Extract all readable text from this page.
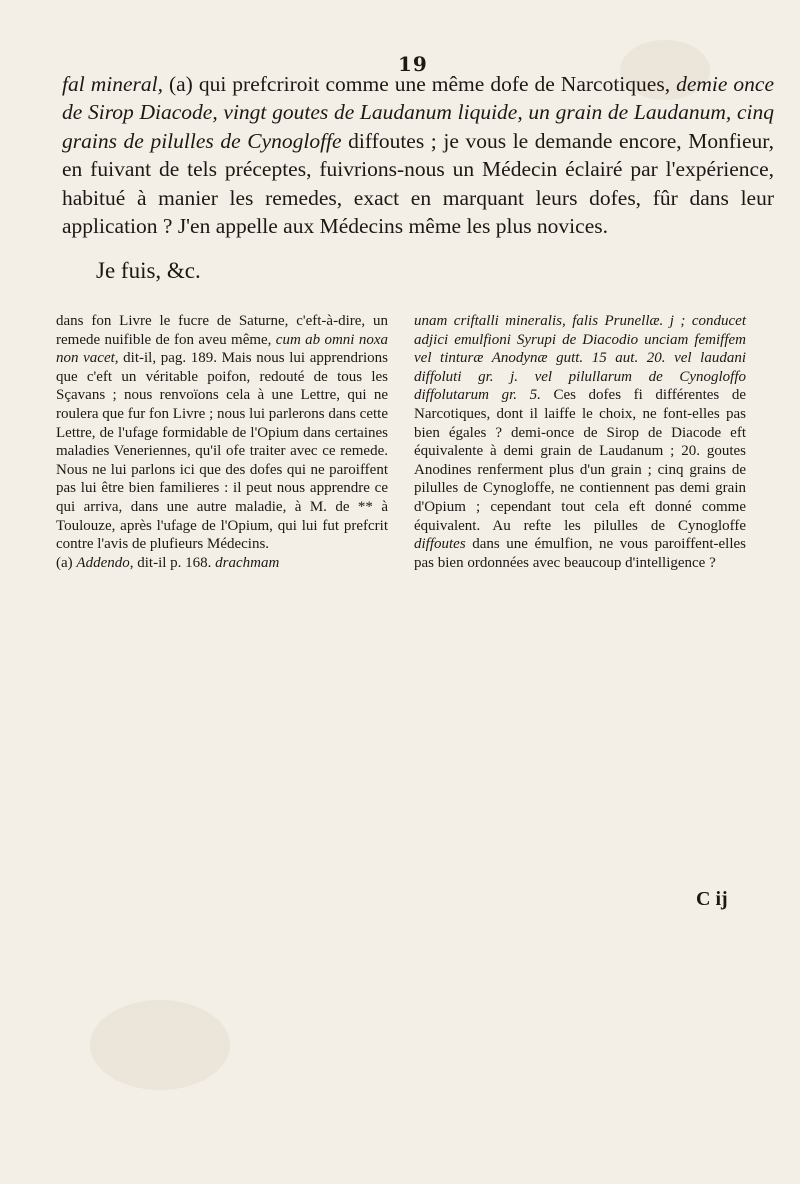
19

fal mineral, (a) qui prefcriroit comme une même dofe de Narcotiques, demie once de Sirop Diacode, vingt goutes de Laudanum liquide, un grain de Laudanum, cinq grains de pilulles de Cynogloffe diffoutes ; je vous le demande encore, Monfieur, en fuivant de tels préceptes, fuivrions-nous un Médecin éclairé par l'expérience, habitué à manier les remedes, exact en marquant leurs dofes, fûr dans leur application ? J'en appelle aux Médecins même les plus novices.

Je fuis, &c.

dans fon Livre le fucre de Saturne, c'eft-à-dire, un remede nuifible de fon aveu même, cum ab omni noxa non vacet, dit-il, pag. 189. Mais nous lui apprendrions que c'eft un véritable poifon, redouté de tous les Sçavans ; nous renvoïons cela à une Lettre, qui ne roulera que fur fon Livre ; nous lui parlerons dans cette Lettre, de l'ufage formidable de l'Opium dans certaines maladies Veneriennes, qu'il ofe traiter avec ce remede. Nous ne lui parlons ici que des dofes qui ne paroiffent pas lui être bien familieres : il peut nous apprendre ce qui arriva, dans une autre maladie, à M. de ** à Toulouze, après l'ufage de l'Opium, qui lui fut prefcrit contre l'avis de plufieurs Médecins.
(a) Addendo, dit-il p. 168. drachmam
unam criftalli mineralis, falis Prunellæ. j ; conducet adjici emulfioni Syrupi de Diacodio unciam femiffem vel tinturæ Anodynæ gutt. 15 aut. 20. vel laudani diffoluti gr. j. vel pilullarum de Cynogloffo diffolutarum gr. 5. Ces dofes fi différentes de Narcotiques, dont il laiffe le choix, ne font-elles pas bien égales ? demi-once de Sirop de Diacode eft équivalente à demi grain de Laudanum ; 20. goutes Anodines renferment plus d'un grain ; cinq grains de pilulles de Cynogloffe, ne contiennent pas demi grain d'Opium ; cependant tout cela eft donné comme équivalent. Au refte les pilulles de Cynogloffe diffoutes dans une émulfion, ne vous paroiffent-elles pas bien ordonnées avec beaucoup d'intelligence ?
C ij
